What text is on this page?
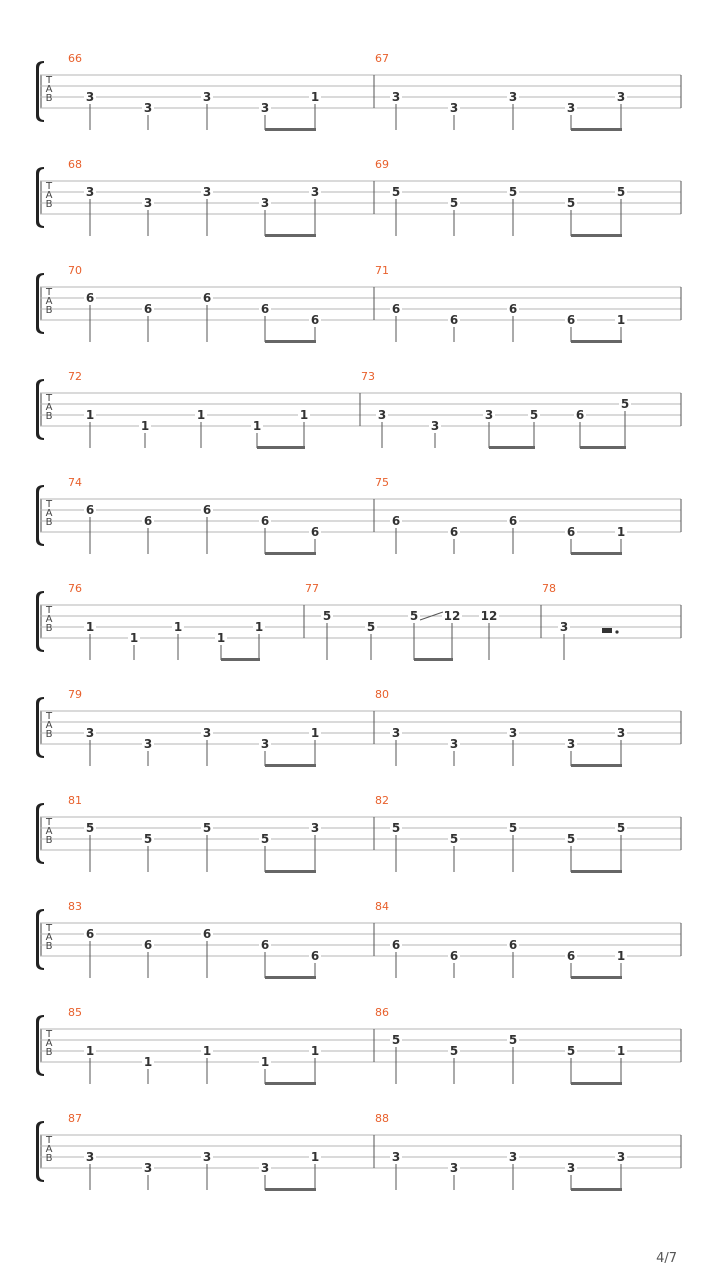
T
A
B
66
3
3
3
3
1
67
3
3
3
3
3
T
A
B
68
3
3
3
3
3
69
5
5
5
5
5
T
A
B
70
6
6
6
6
6
71
6
6
6
6	1
T
A
B
72
1
1
1
1
1
73
3
3
3	5	6
5
T
A
B
74
6
6
6
6
6
75
6
6
6
6	1
T
A
B
76
1
1
1
1
1
77
5
5
5 12 12
78
3
T
A
B
79
3
3
3
3
1
80
3
3
3
3
3
T
A
B
81
5
5
5
5
3
82
5
5
5
5
5
T
A
B
83
6
6
6
6
6
84
6
6
6
6	1
T
A
B
85
1
1
1
1
1
86
5
5
5
5	1
T
A
B
87
3
3
3
3
1
88
3
3
3
3
3
4/7
